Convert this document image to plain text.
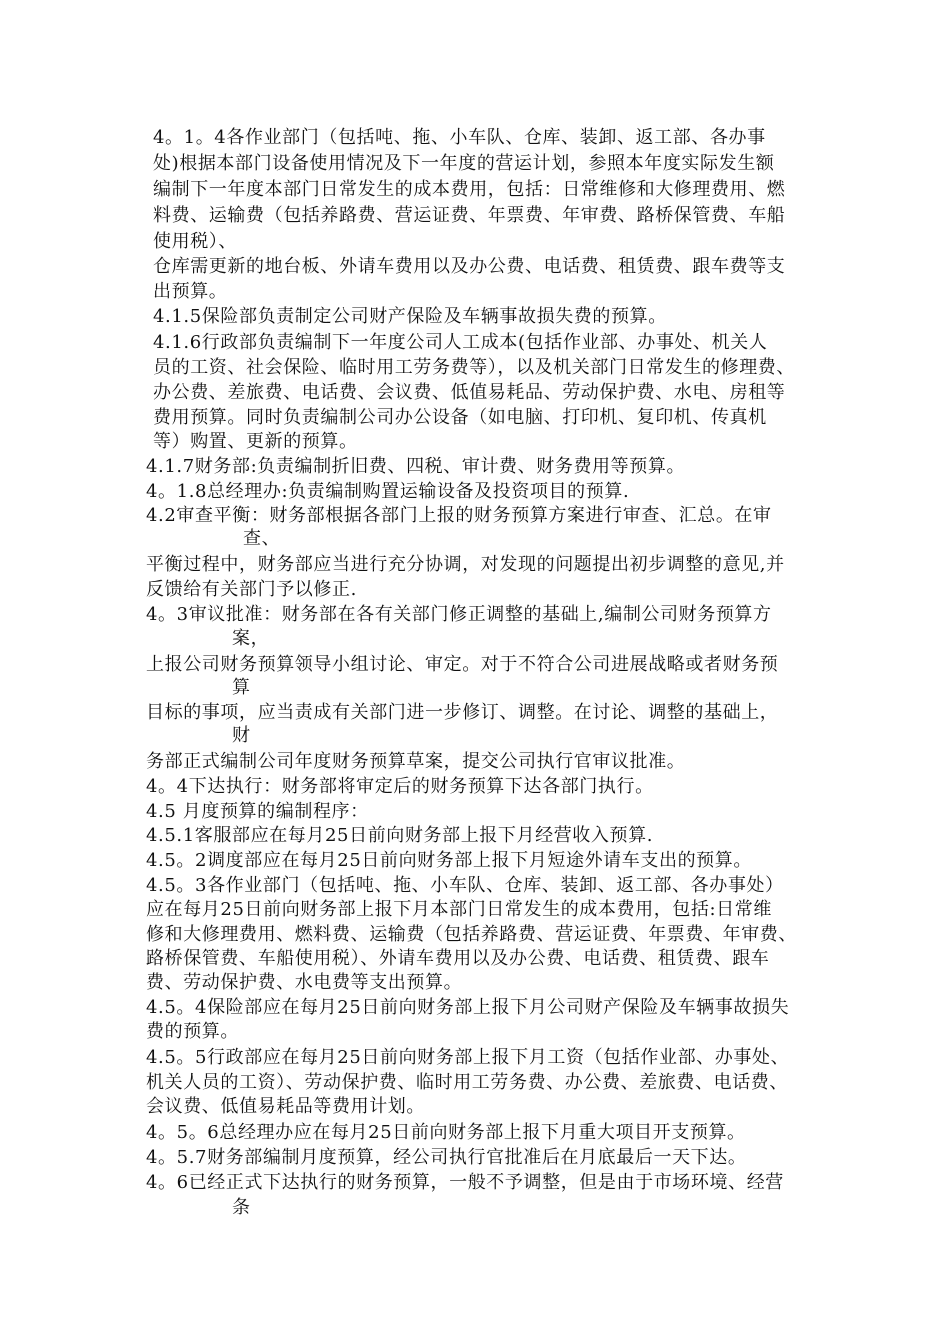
4。1。4各作业部门（包括吨、拖、小车队、仓库、装卸、返工部、各办事
处)根据本部门设备使用情况及下一年度的营运计划，参照本年度实际发生额
编制下一年度本部门日常发生的成本费用，包括：日常维修和大修理费用、燃
料费、运输费（包括养路费、营运证费、年票费、年审费、路桥保管费、车船
使用税）、
仓库需更新的地台板、外请车费用以及办公费、电话费、租赁费、跟车费等支
出预算。
4.1.5保险部负责制定公司财产保险及车辆事故损失费的预算。
4.1.6行政部负责编制下一年度公司人工成本(包括作业部、办事处、机关人
员的工资、社会保险、临时用工劳务费等），以及机关部门日常发生的修理费、
办公费、差旅费、电话费、会议费、低值易耗品、劳动保护费、水电、房租等
费用预算。同时负责编制公司办公设备（如电脑、打印机、复印机、传真机
等）购置、更新的预算。
4.1.7财务部:负责编制折旧费、四税、审计费、财务费用等预算。
4。1.8总经理办:负责编制购置运输设备及投资项目的预算.
4.2审查平衡：财务部根据各部门上报的财务预算方案进行审查、汇总。在审
查、
平衡过程中，财务部应当进行充分协调，对发现的问题提出初步调整的意见,并
反馈给有关部门予以修正.
4。3审议批准：财务部在各有关部门修正调整的基础上,编制公司财务预算方
案，
上报公司财务预算领导小组讨论、审定。对于不符合公司进展战略或者财务预
算
目标的事项，应当责成有关部门进一步修订、调整。在讨论、调整的基础上，
财
务部正式编制公司年度财务预算草案，提交公司执行官审议批准。
4。4下达执行：财务部将审定后的财务预算下达各部门执行。
4.5 月度预算的编制程序：
4.5.1客服部应在每月25日前向财务部上报下月经营收入预算.
4.5。2调度部应在每月25日前向财务部上报下月短途外请车支出的预算。
4.5。3各作业部门（包括吨、拖、小车队、仓库、装卸、返工部、各办事处）
应在每月25日前向财务部上报下月本部门日常发生的成本费用，包括:日常维
修和大修理费用、燃料费、运输费（包括养路费、营运证费、年票费、年审费、
路桥保管费、车船使用税）、外请车费用以及办公费、电话费、租赁费、跟车
费、劳动保护费、水电费等支出预算。
4.5。4保险部应在每月25日前向财务部上报下月公司财产保险及车辆事故损失
费的预算。
4.5。5行政部应在每月25日前向财务部上报下月工资（包括作业部、办事处、
机关人员的工资）、劳动保护费、临时用工劳务费、办公费、差旅费、电话费、
会议费、低值易耗品等费用计划。
4。5。6总经理办应在每月25日前向财务部上报下月重大项目开支预算。
4。5.7财务部编制月度预算，经公司执行官批准后在月底最后一天下达。
4。6已经正式下达执行的财务预算，一般不予调整，但是由于市场环境、经营
条
